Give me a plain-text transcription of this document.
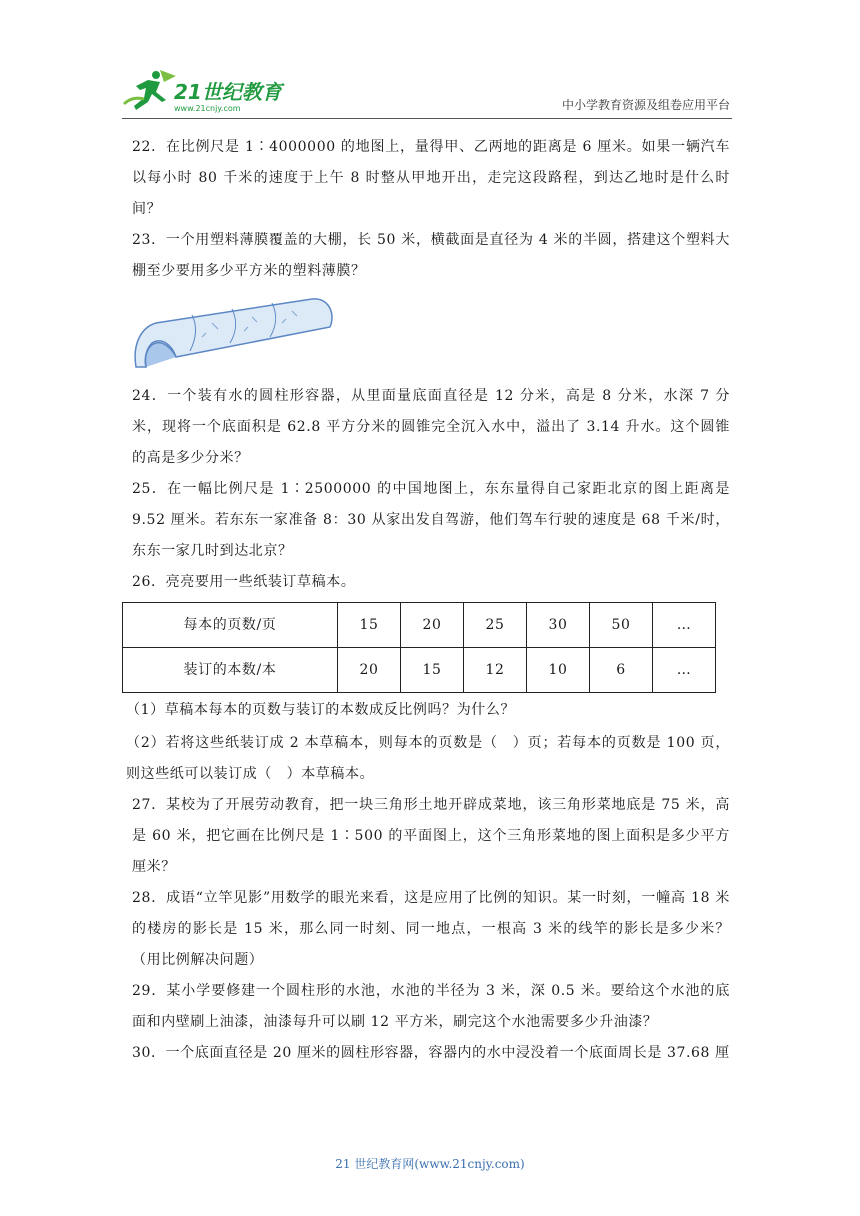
21世纪教育
www.21cnjy.com	中小学教育资源及组卷应用平台

22．在比例尺是 1∶4000000 的地图上，量得甲、乙两地的距离是 6 厘米。如果一辆汽车以每小时 80 千米的速度于上午 8 时整从甲地开出，走完这段路程，到达乙地时是什么时间？

23．一个用塑料薄膜覆盖的大棚，长 50 米，横截面是直径为 4 米的半圆，搭建这个塑料大棚至少要用多少平方米的塑料薄膜？

24．一个装有水的圆柱形容器，从里面量底面直径是 12 分米，高是 8 分米，水深 7 分米，现将一个底面积是 62.8 平方分米的圆锥完全沉入水中，溢出了 3.14 升水。这个圆锥的高是多少分米？

25．在一幅比例尺是 1∶2500000 的中国地图上，东东量得自己家距北京的图上距离是 9.52 厘米。若东东一家准备 8：30 从家出发自驾游，他们驾车行驶的速度是 68 千米/时，东东一家几时到达北京？

26．亮亮要用一些纸装订草稿本。

每本的页数/页	15	20	25	30	50	…
装订的本数/本	20	15	12	10	6	…

（1）草稿本每本的页数与装订的本数成反比例吗？为什么？

（2）若将这些纸装订成 2 本草稿本，则每本的页数是（　）页；若每本的页数是 100 页，则这些纸可以装订成（　）本草稿本。

27．某校为了开展劳动教育，把一块三角形土地开辟成菜地，该三角形菜地底是 75 米，高是 60 米，把它画在比例尺是 1∶500 的平面图上，这个三角形菜地的图上面积是多少平方厘米？

28．成语“立竿见影”用数学的眼光来看，这是应用了比例的知识。某一时刻，一幢高 18 米的楼房的影长是 15 米，那么同一时刻、同一地点，一根高 3 米的线竿的影长是多少米？（用比例解决问题）

29．某小学要修建一个圆柱形的水池，水池的半径为 3 米，深 0.5 米。要给这个水池的底面和内壁刷上油漆，油漆每升可以刷 12 平方米，刷完这个水池需要多少升油漆？

30．一个底面直径是 20 厘米的圆柱形容器，容器内的水中浸没着一个底面周长是 37.68 厘

21 世纪教育网(www.21cnjy.com)
